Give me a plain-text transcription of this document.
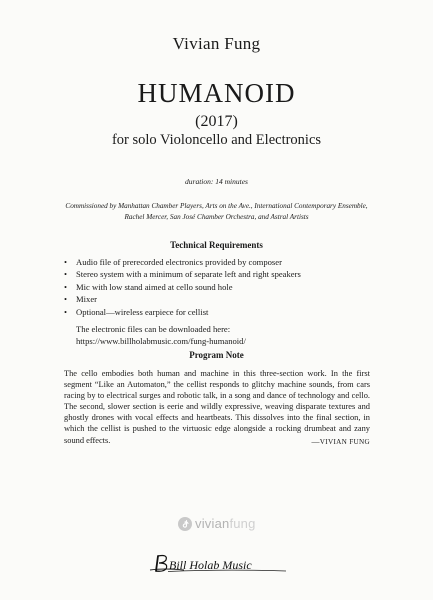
Vivian Fung
HUMANOID
(2017)
for solo Violoncello and Electronics
duration: 14 minutes
Commissioned by Manhattan Chamber Players, Arts on the Ave., International Contemporary Ensemble,
Rachel Mercer, San José Chamber Orchestra, and Astral Artists
Technical Requirements
• Audio file of prerecorded electronics provided by composer
• Stereo system with a minimum of separate left and right speakers
• Mic with low stand aimed at cello sound hole
• Mixer
• Optional—wireless earpiece for cellist
The electronic files can be downloaded here:
https://www.billholabmusic.com/fung-humanoid/
Program Note
The cello embodies both human and machine in this three-section work. In the first segment “Like an Automaton,” the cellist responds to glitchy machine sounds, from cars racing by to electrical surges and robotic talk, in a song and dance of technology and cello. The second, slower section is eerie and wildly expressive, weaving disparate textures and ghostly drones with vocal effects and heartbeats. This dissolves into the final section, in which the cellist is pushed to the virtuosic edge alongside a rocking drumbeat and zany sound effects.	—VIVIAN FUNG
vivianfung
Bill Holab Music
